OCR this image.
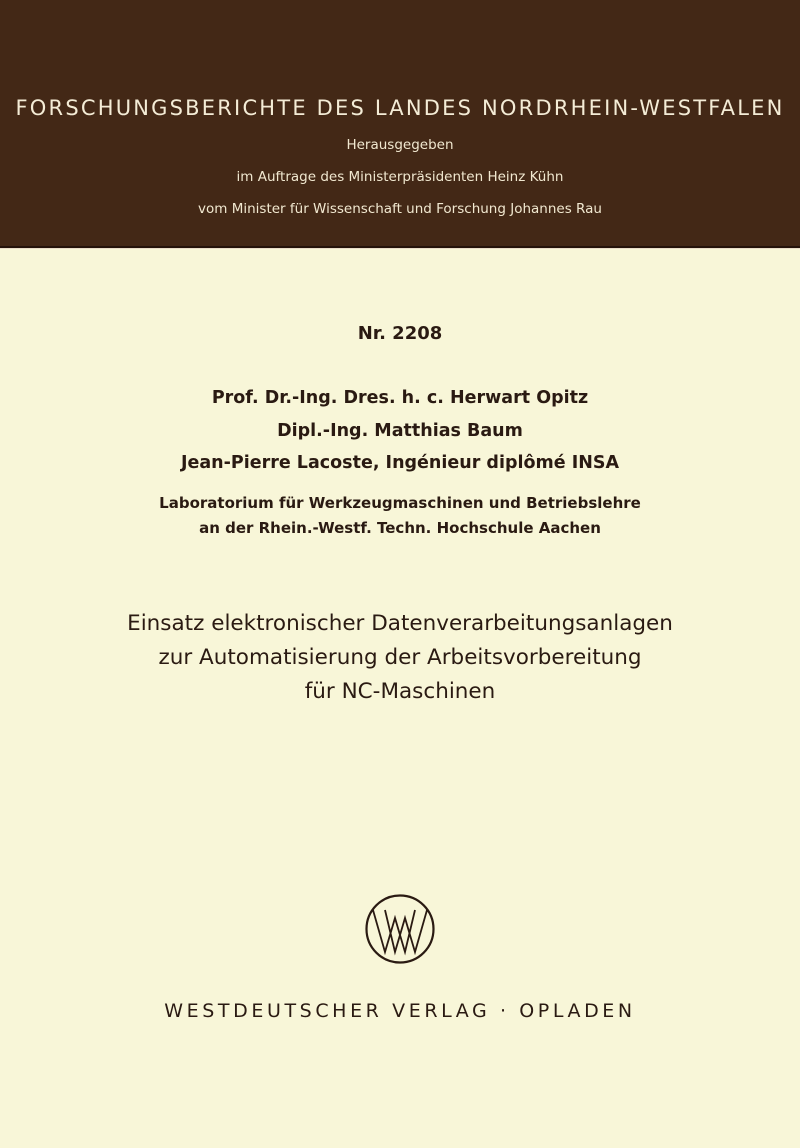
FORSCHUNGSBERICHTE DES LANDES NORDRHEIN-WESTFALEN
Herausgegeben
im Auftrage des Ministerpräsidenten Heinz Kühn
vom Minister für Wissenschaft und Forschung Johannes Rau
Nr. 2208
Prof. Dr.-Ing. Dres. h. c. Herwart Opitz
Dipl.-Ing. Matthias Baum
Jean-Pierre Lacoste, Ingénieur diplômé INSA
Laboratorium für Werkzeugmaschinen und Betriebslehre
an der Rhein.-Westf. Techn. Hochschule Aachen
Einsatz elektronischer Datenverarbeitungsanlagen
zur Automatisierung der Arbeitsvorbereitung
für NC-Maschinen
WESTDEUTSCHER VERLAG · OPLADEN
